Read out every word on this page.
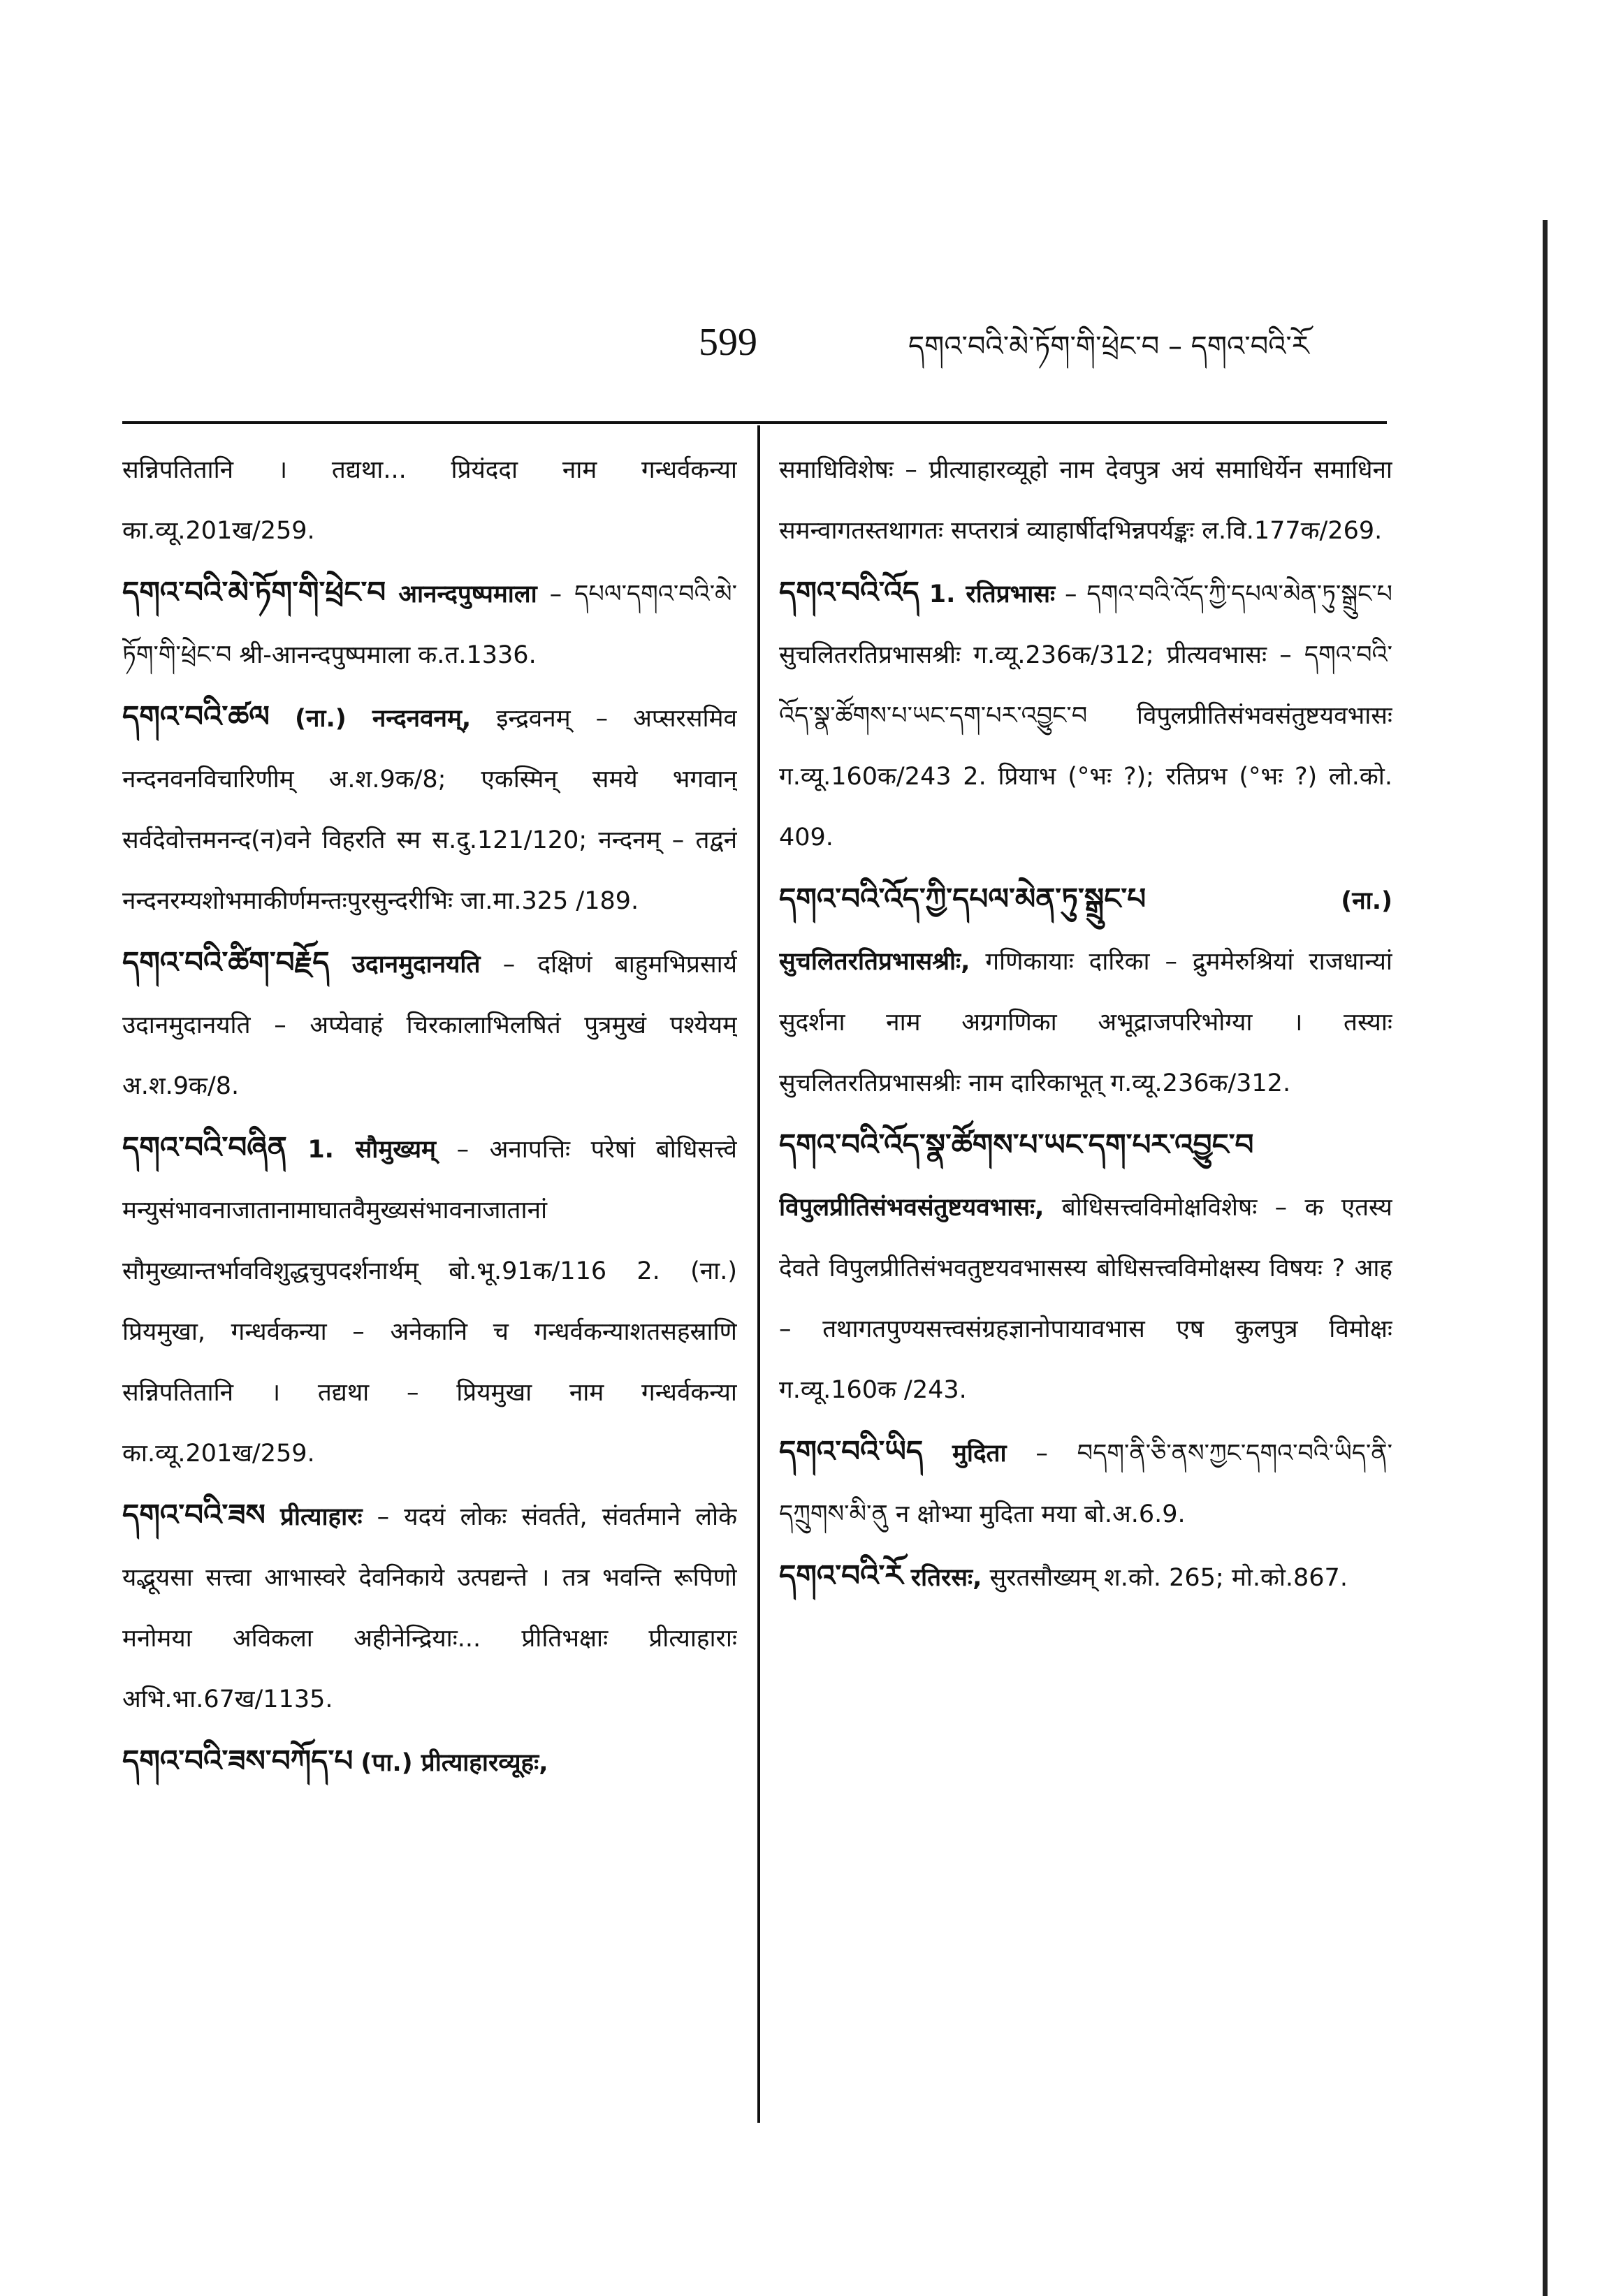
599	དགའ་བའི་མེ་ཏོག་གི་ཕྲེང་བ – དགའ་བའི་རོ

सन्निपतितानि । तद्यथा... प्रियंददा नाम गन्धर्वकन्या का.व्यू.201ख/259.

དགའ་བའི་མེ་ཏོག་གི་ཕྲེང་བ आनन्दपुष्पमाला – དཔལ་དགའ་བའི་མེ་ཏོག་གི་ཕྲེང་བ श्री-आनन्दपुष्पमाला क.त.1336.

དགའ་བའི་ཚལ (ना.) नन्दनवनम्, इन्द्रवनम् – अप्सरसमिव नन्दनवनविचारिणीम् अ.श.9क/8; एकस्मिन् समये भगवान् सर्वदेवोत्तमनन्द(न)वने विहरति स्म स.दु.121/120; नन्दनम् – तद्वनं नन्दनरम्यशोभमाकीर्णमन्तःपुरसुन्दरीभिः जा.मा.325 /189.

དགའ་བའི་ཚིག་བརྗོད उदानमुदानयति – दक्षिणं बाहुमभिप्रसार्य उदानमुदानयति – अप्येवाहं चिरकालाभिलषितं पुत्रमुखं पश्येयम् अ.श.9क/8.

དགའ་བའི་བཞིན 1. सौमुख्यम् – अनापत्तिः परेषां बोधिसत्त्वे मन्युसंभावनाजातानामाघातवैमुख्यसंभावनाजातानां सौमुख्यान्तर्भावविशुद्धचुपदर्शनार्थम् बो.भू.91क/116 2. (ना.) प्रियमुखा, गन्धर्वकन्या – अनेकानि च गन्धर्वकन्याशतसहस्राणि सन्निपतितानि । तद्यथा – प्रियमुखा नाम गन्धर्वकन्या का.व्यू.201ख/259.

དགའ་བའི་ཟས प्रीत्याहारः – यदयं लोकः संवर्तते, संवर्तमाने लोके यद्भूयसा सत्त्वा आभास्वरे देवनिकाये उत्पद्यन्ते । तत्र भवन्ति रूपिणो मनोमया अविकला अहीनेन्द्रियाः... प्रीतिभक्षाः प्रीत्याहाराः अभि.भा.67ख/1135.

དགའ་བའི་ཟས་བཀོད་པ (पा.) प्रीत्याहारव्यूहः,

समाधिविशेषः – प्रीत्याहारव्यूहो नाम देवपुत्र अयं समाधिर्येन समाधिना समन्वागतस्तथागतः सप्तरात्रं व्याहार्षीदभिन्नपर्यङ्कः ल.वि.177क/269.

དགའ་བའི་འོད 1. रतिप्रभासः – དགའ་བའི་འོད་ཀྱི་དཔལ་མེན་ཏུ་སྒྲུང་པ सुचलितरतिप्रभासश्रीः ग.व्यू.236क/312; प्रीत्यवभासः – དགའ་བའི་འོད་སྣ་ཚོགས་པ་ཡང་དག་པར་འབྱུང་བ विपुलप्रीतिसंभवसंतुष्टयवभासः ग.व्यू.160क/243 2. प्रियाभ (°भः ?); रतिप्रभ (°भः ?) लो.को. 409.

དགའ་བའི་འོད་ཀྱི་དཔལ་མེན་ཏུ་སྒྲུང་པ	(ना.) सुचलितरतिप्रभासश्रीः, गणिकायाः दारिका – द्रुममेरुश्रियां राजधान्यां सुदर्शना नाम अग्रगणिका अभूद्राजपरिभोग्या । तस्याः सुचलितरतिप्रभासश्रीः नाम दारिकाभूत् ग.व्यू.236क/312.

དགའ་བའི་འོད་སྣ་ཚོགས་པ་ཡང་དག་པར་འབྱུང་བ विपुलप्रीतिसंभवसंतुष्टयवभासः, बोधिसत्त्वविमोक्षविशेषः – क एतस्य देवते विपुलप्रीतिसंभवतुष्टयवभासस्य बोधिसत्त्वविमोक्षस्य विषयः ? आह – तथागतपुण्यसत्त्वसंग्रहज्ञानोपायावभास एष कुलपुत्र विमोक्षः ग.व्यू.160क /243.

དགའ་བའི་ཡིད मुदिता – བདག་ནི་ཅི་ནས་ཀྱང་དགའ་བའི་ཡིད་ནི་དཀྲུགས་མི་ནུ न क्षोभ्या मुदिता मया बो.अ.6.9.

དགའ་བའི་རོ रतिरसः, सुरतसौख्यम् श.को. 265; मो.को.867.
